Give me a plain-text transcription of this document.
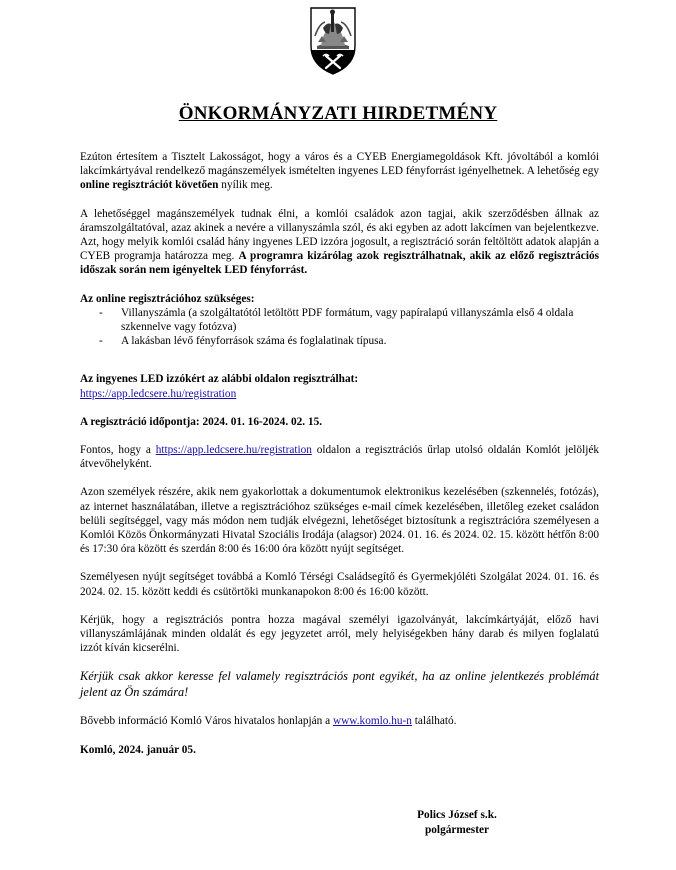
ÖNKORMÁNYZATI HIRDETMÉNY

Ezúton értesítem a Tisztelt Lakosságot, hogy a város és a CYEB Energiamegoldások Kft. jóvoltából a komlói lakcímkártyával rendelkező magánszemélyek ismételten ingyenes LED fényforrást igényelhetnek. A lehetőség egy online regisztrációt követően nyílik meg.

A lehetőséggel magánszemélyek tudnak élni, a komlói családok azon tagjai, akik szerződésben állnak az áramszolgáltatóval, azaz akinek a nevére a villanyszámla szól, és aki egyben az adott lakcímen van bejelentkezve. Azt, hogy melyik komlói család hány ingyenes LED izzóra jogosult, a regisztráció során feltöltött adatok alapján a CYEB programja határozza meg. A programra kizárólag azok regisztrálhatnak, akik az előző regisztrációs időszak során nem igényeltek LED fényforrást.

Az online regisztrációhoz szükséges:

- Villanyszámla (a szolgáltatótól letöltött PDF formátum, vagy papíralapú villanyszámla első 4 oldala szkennelve vagy fotózva)
- A lakásban lévő fényforrások száma és foglalatinak típusa.

Az ingyenes LED izzókért az alábbi oldalon regisztrálhat:

https://app.ledcsere.hu/registration

A regisztráció időpontja: 2024. 01. 16-2024. 02. 15.

Fontos, hogy a https://app.ledcsere.hu/registration oldalon a regisztrációs űrlap utolsó oldalán Komlót jelöljék átvevőhelyként.

Azon személyek részére, akik nem gyakorlottak a dokumentumok elektronikus kezelésében (szkennelés, fotózás), az internet használatában, illetve a regisztrációhoz szükséges e-mail címek kezelésében, illetőleg ezeket családon belüli segítséggel, vagy más módon nem tudják elvégezni, lehetőséget biztosítunk a regisztrációra személyesen a Komlói Közös Önkormányzati Hivatal Szociális Irodája (alagsor) 2024. 01. 16. és 2024. 02. 15. között hétfőn 8:00 és 17:30 óra között és szerdán 8:00 és 16:00 óra között nyújt segítséget.

Személyesen nyújt segítséget továbbá a Komló Térségi Családsegítő és Gyermekjóléti Szolgálat 2024. 01. 16. és 2024. 02. 15. között keddi és csütörtöki munkanapokon 8:00 és 16:00 között.

Kérjük, hogy a regisztrációs pontra hozza magával személyi igazolványát, lakcímkártyáját, előző havi villanyszámlájának minden oldalát és egy jegyzetet arról, mely helyiségekben hány darab és milyen foglalatú izzót kíván kicserélni.

Kérjük csak akkor keresse fel valamely regisztrációs pont egyikét, ha az online jelentkezés problémát jelent az Ön számára!

Bővebb információ Komló Város hivatalos honlapján a www.komlo.hu-n található.

Komló, 2024. január 05.

Polics József s.k.
polgármester
